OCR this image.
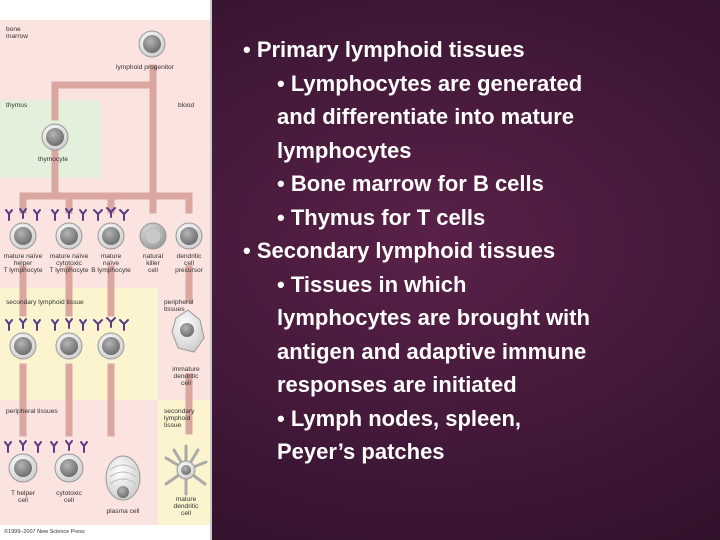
bone
marrow
lymphoid progenitor
thymus	blood
thymocyte
mature naïve
helper
T lymphocyte
mature naïve
cytotoxic
T lymphocyte
mature
naïve
B lymphocyte
natural
killer
cell
dendritic
cell
precursor
secondary lymphoid tissue	peripheral
tissues
immature
dendritic
cell
peripheral tissues	secondary
lymphoid
tissue
T helper
cell
cytotoxic
cell
plasma cell
mature
dendritic
cell
©1999–2007 New Science Press
• Primary lymphoid tissues
• Lymphocytes are generated
and differentiate into mature
lymphocytes
• Bone marrow for B cells
• Thymus for T cells
• Secondary lymphoid tissues
• Tissues in which
lymphocytes are brought with
antigen and adaptive immune
responses are initiated
• Lymph nodes, spleen,
Peyer’s patches
